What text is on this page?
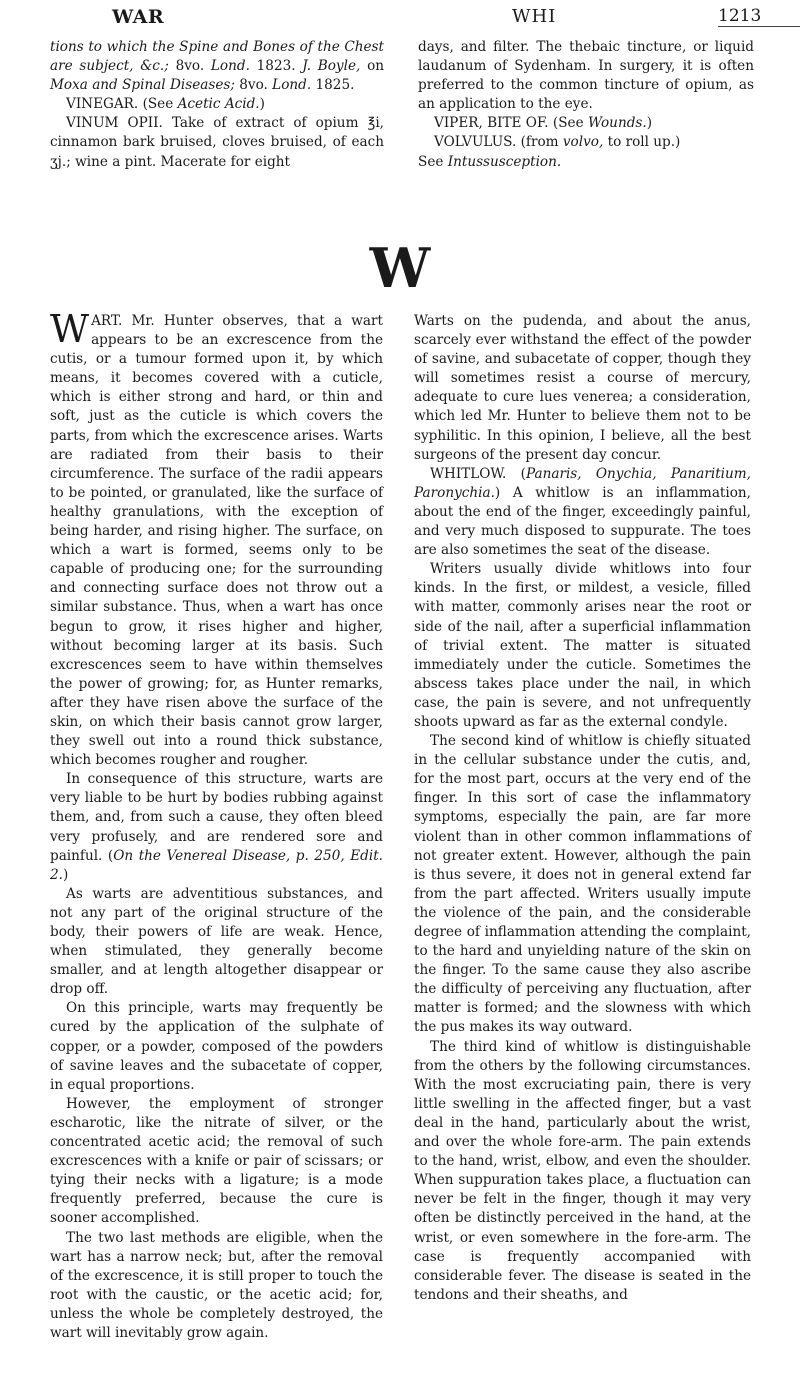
WAR	WHI	1213

tions to which the Spine and Bones of the Chest are subject, &c.; 8vo. Lond. 1823. J. Boyle, on Moxa and Spinal Diseases; 8vo. Lond. 1825.

VINEGAR. (See Acetic Acid.)

VINUM OPII. Take of extract of opium ℥i, cinnamon bark bruised, cloves bruised, of each ʒj.; wine a pint. Macerate for eight

days, and filter. The thebaic tincture, or liquid laudanum of Sydenham. In surgery, it is often preferred to the common tincture of opium, as an application to the eye.

VIPER, BITE OF. (See Wounds.)

VOLVULUS. (from volvo, to roll up.)

See Intussusception.

W

WART. Mr. Hunter observes, that a wart appears to be an excrescence from the cutis, or a tumour formed upon it, by which means, it becomes covered with a cuticle, which is either strong and hard, or thin and soft, just as the cuticle is which covers the parts, from which the excrescence arises. Warts are radiated from their basis to their circumference. The surface of the radii appears to be pointed, or granulated, like the surface of healthy granulations, with the exception of being harder, and rising higher. The surface, on which a wart is formed, seems only to be capable of producing one; for the surrounding and connecting surface does not throw out a similar substance. Thus, when a wart has once begun to grow, it rises higher and higher, without becoming larger at its basis. Such excrescences seem to have within themselves the power of growing; for, as Hunter remarks, after they have risen above the surface of the skin, on which their basis cannot grow larger, they swell out into a round thick substance, which becomes rougher and rougher.

In consequence of this structure, warts are very liable to be hurt by bodies rubbing against them, and, from such a cause, they often bleed very profusely, and are rendered sore and painful. (On the Venereal Disease, p. 250, Edit. 2.)

As warts are adventitious substances, and not any part of the original structure of the body, their powers of life are weak. Hence, when stimulated, they generally become smaller, and at length altogether disappear or drop off.

On this principle, warts may frequently be cured by the application of the sulphate of copper, or a powder, composed of the powders of savine leaves and the subacetate of copper, in equal proportions.

However, the employment of stronger escharotic, like the nitrate of silver, or the concentrated acetic acid; the removal of such excrescences with a knife or pair of scissars; or tying their necks with a ligature; is a mode frequently preferred, because the cure is sooner accomplished.

The two last methods are eligible, when the wart has a narrow neck; but, after the removal of the excrescence, it is still proper to touch the root with the caustic, or the acetic acid; for, unless the whole be completely destroyed, the wart will inevitably grow again.

Warts on the pudenda, and about the anus, scarcely ever withstand the effect of the powder of savine, and subacetate of copper, though they will sometimes resist a course of mercury, adequate to cure lues venerea; a consideration, which led Mr. Hunter to believe them not to be syphilitic. In this opinion, I believe, all the best surgeons of the present day concur.

WHITLOW. (Panaris, Onychia, Panaritium, Paronychia.) A whitlow is an inflammation, about the end of the finger, exceedingly painful, and very much disposed to suppurate. The toes are also sometimes the seat of the disease.

Writers usually divide whitlows into four kinds. In the first, or mildest, a vesicle, filled with matter, commonly arises near the root or side of the nail, after a superficial inflammation of trivial extent. The matter is situated immediately under the cuticle. Sometimes the abscess takes place under the nail, in which case, the pain is severe, and not unfrequently shoots upward as far as the external condyle.

The second kind of whitlow is chiefly situated in the cellular substance under the cutis, and, for the most part, occurs at the very end of the finger. In this sort of case the inflammatory symptoms, especially the pain, are far more violent than in other common inflammations of not greater extent. However, although the pain is thus severe, it does not in general extend far from the part affected. Writers usually impute the violence of the pain, and the considerable degree of inflammation attending the complaint, to the hard and unyielding nature of the skin on the finger. To the same cause they also ascribe the difficulty of perceiving any fluctuation, after matter is formed; and the slowness with which the pus makes its way outward.

The third kind of whitlow is distinguishable from the others by the following circumstances. With the most excruciating pain, there is very little swelling in the affected finger, but a vast deal in the hand, particularly about the wrist, and over the whole fore-arm. The pain extends to the hand, wrist, elbow, and even the shoulder. When suppuration takes place, a fluctuation can never be felt in the finger, though it may very often be distinctly perceived in the hand, at the wrist, or even somewhere in the fore-arm. The case is frequently accompanied with considerable fever. The disease is seated in the tendons and their sheaths, and
